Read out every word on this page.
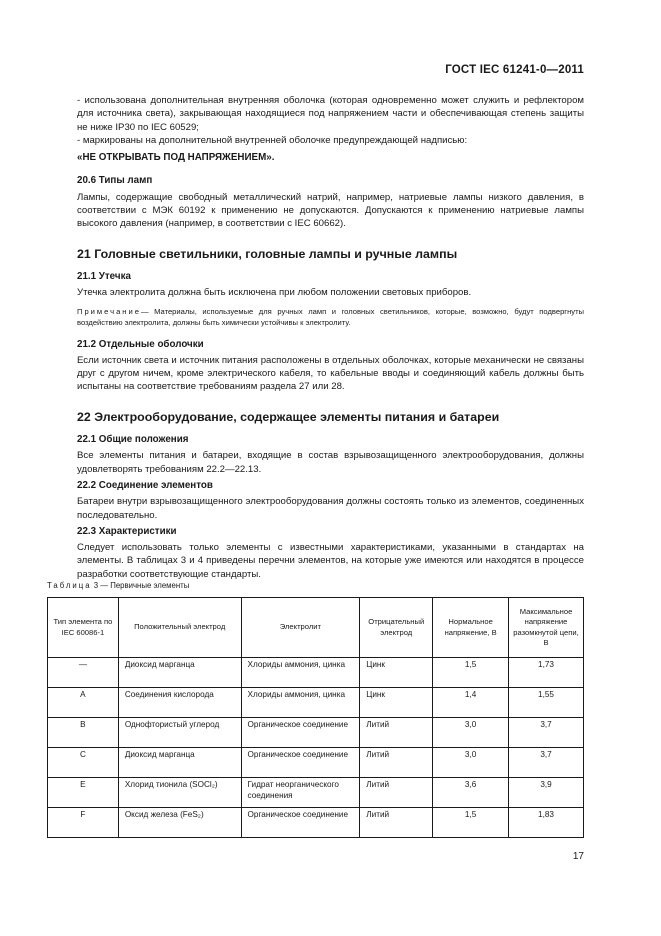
ГОСТ IEC 61241-0—2011

- использована дополнительная внутренняя оболочка (которая одновременно может служить и рефлектором для источника света), закрывающая находящиеся под напряжением части и обеспечивающая степень защиты не ниже IP30 по IEC 60529;

- маркированы на дополнительной внутренней оболочке предупреждающей надписью:

«НЕ ОТКРЫВАТЬ ПОД НАПРЯЖЕНИЕМ».

20.6 Типы ламп

Лампы, содержащие свободный металлический натрий, например, натриевые лампы низкого давления, в соответствии с МЭК 60192 к применению не допускаются. Допускаются к применению натриевые лампы высокого давления (например, в соответствии с IEC 60662).

21 Головные светильники, головные лампы и ручные лампы

21.1 Утечка

Утечка электролита должна быть исключена при любом положении световых приборов.

Примечание— Материалы, используемые для ручных ламп и головных светильников, которые, возможно, будут подвергнуты воздействию электролита, должны быть химически устойчивы к электролиту.

21.2 Отдельные оболочки

Если источник света и источник питания расположены в отдельных оболочках, которые механически не связаны друг с другом ничем, кроме электрического кабеля, то кабельные вводы и соединяющий кабель должны быть испытаны на соответствие требованиям раздела 27 или 28.

22 Электрооборудование, содержащее элементы питания и батареи

22.1 Общие положения

Все элементы питания и батареи, входящие в состав взрывозащищенного электрооборудования, должны удовлетворять требованиям 22.2—22.13.

22.2 Соединение элементов

Батареи внутри взрывозащищенного электрооборудования должны состоять только из элементов, соединенных последовательно.

22.3 Характеристики

Следует использовать только элементы с известными характеристиками, указанными в стандартах на элементы. В таблицах 3 и 4 приведены перечни элементов, на которые уже имеются или находятся в процессе разработки соответствующие стандарты.

Таблица 3 — Первичные элементы
Тип элемента по IEC 60086-1	Положительный электрод	Электролит	Отрицательный электрод	Нормальное напряжение, В	Максимальное напряжение разомкнутой цепи, В
—	Диоксид марганца	Хлориды аммония, цинка	Цинк	1,5	1,73
А	Соединения кислорода	Хлориды аммония, цинка	Цинк	1,4	1,55
В	Однофтористый углерод	Органическое соединение	Литий	3,0	3,7
С	Диоксид марганца	Органическое соединение	Литий	3,0	3,7
Е	Хлорид тионила (SOCl₂)	Гидрат неорганического соединения	Литий	3,6	3,9
F	Оксид железа (FeS₂)	Органическое соединение	Литий	1,5	1,83
17
